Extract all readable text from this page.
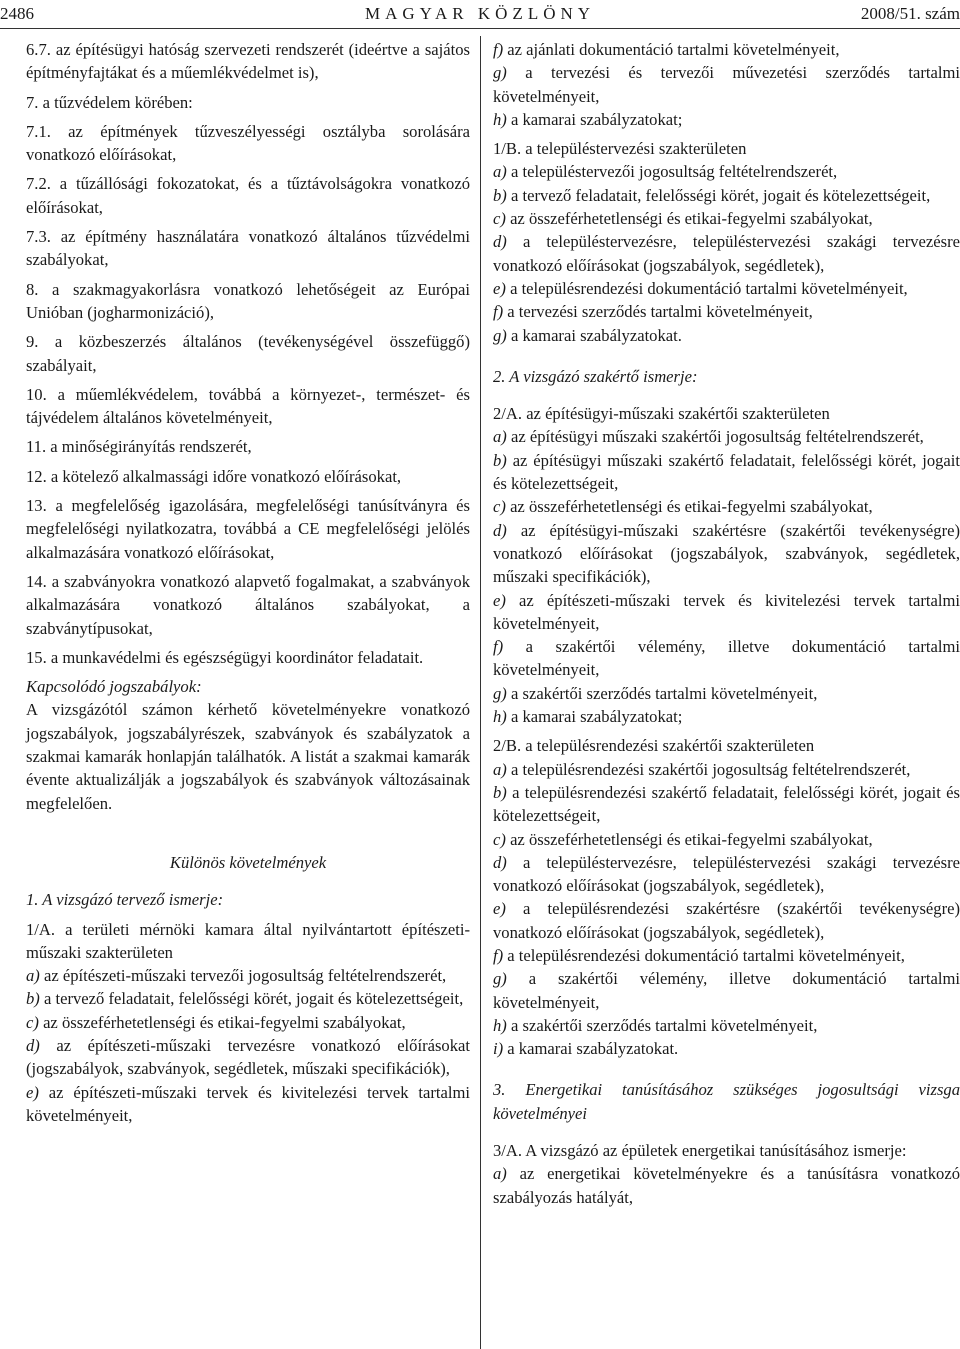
2486	MAGYAR KÖZLÖNY	2008/51. szám

6.7. az építésügyi hatóság szervezeti rendszerét (ideértve a sajátos építményfajtákat és a műemlékvédelmet is),

7. a tűzvédelem körében:

7.1. az építmények tűzveszélyességi osztályba sorolására vonatkozó előírásokat,

7.2. a tűzállósági fokozatokat, és a tűztávolságokra vonatkozó előírásokat,

7.3. az építmény használatára vonatkozó általános tűzvédelmi szabályokat,

8. a szakmagyakorlásra vonatkozó lehetőségeit az Európai Unióban (jogharmonizáció),

9. a közbeszerzés általános (tevékenységével összefüggő) szabályait,

10. a műemlékvédelem, továbbá a környezet-, természet- és tájvédelem általános követelményeit,

11. a minőségirányítás rendszerét,

12. a kötelező alkalmassági időre vonatkozó előírásokat,

13. a megfelelőség igazolására, megfelelőségi tanúsítványra és megfelelőségi nyilatkozatra, továbbá a CE megfelelőségi jelölés alkalmazására vonatkozó előírásokat,

14. a szabványokra vonatkozó alapvető fogalmakat, a szabványok alkalmazására vonatkozó általános szabályokat, a szabványtípusokat,

15. a munkavédelmi és egészségügyi koordinátor feladatait.

Kapcsolódó jogszabályok:

A vizsgázótól számon kérhető követelményekre vonatkozó jogszabályok, jogszabályrészek, szabványok és szabályzatok a szakmai kamarák honlapján találhatók. A listát a szakmai kamarák évente aktualizálják a jogszabályok és szabványok változásainak megfelelően.

Különös követelmények

1. A vizsgázó tervező ismerje:

1/A. a területi mérnöki kamara által nyilvántartott építészeti-műszaki szakterületen

a) az építészeti-műszaki tervezői jogosultság feltételrendszerét,

b) a tervező feladatait, felelősségi körét, jogait és kötelezettségeit,

c) az összeférhetetlenségi és etikai-fegyelmi szabályokat,

d) az építészeti-műszaki tervezésre vonatkozó előírásokat (jogszabályok, szabványok, segédletek, műszaki specifikációk),

e) az építészeti-műszaki tervek és kivitelezési tervek tartalmi követelményeit,

f) az ajánlati dokumentáció tartalmi követelményeit,

g) a tervezési és tervezői művezetési szerződés tartalmi követelményeit,

h) a kamarai szabályzatokat;

1/B. a településtervezési szakterületen

a) a településtervezői jogosultság feltételrendszerét,

b) a tervező feladatait, felelősségi körét, jogait és kötelezettségeit,

c) az összeférhetetlenségi és etikai-fegyelmi szabályokat,

d) a településtervezésre, településtervezési szakági tervezésre vonatkozó előírásokat (jogszabályok, segédletek),

e) a településrendezési dokumentáció tartalmi követelményeit,

f) a tervezési szerződés tartalmi követelményeit,

g) a kamarai szabályzatokat.

2. A vizsgázó szakértő ismerje:

2/A. az építésügyi-műszaki szakértői szakterületen

a) az építésügyi műszaki szakértői jogosultság feltételrendszerét,

b) az építésügyi műszaki szakértő feladatait, felelősségi körét, jogait és kötelezettségeit,

c) az összeférhetetlenségi és etikai-fegyelmi szabályokat,

d) az építésügyi-műszaki szakértésre (szakértői tevékenységre) vonatkozó előírásokat (jogszabályok, szabványok, segédletek, műszaki specifikációk),

e) az építészeti-műszaki tervek és kivitelezési tervek tartalmi követelményeit,

f) a szakértői vélemény, illetve dokumentáció tartalmi követelményeit,

g) a szakértői szerződés tartalmi követelményeit,

h) a kamarai szabályzatokat;

2/B. a településrendezési szakértői szakterületen

a) a településrendezési szakértői jogosultság feltételrendszerét,

b) a településrendezési szakértő feladatait, felelősségi körét, jogait és kötelezettségeit,

c) az összeférhetetlenségi és etikai-fegyelmi szabályokat,

d) a településtervezésre, településtervezési szakági tervezésre vonatkozó előírásokat (jogszabályok, segédletek),

e) a településrendezési szakértésre (szakértői tevékenységre) vonatkozó előírásokat (jogszabályok, segédletek),

f) a településrendezési dokumentáció tartalmi követelményeit,

g) a szakértői vélemény, illetve dokumentáció tartalmi követelményeit,

h) a szakértői szerződés tartalmi követelményeit,

i) a kamarai szabályzatokat.

3. Energetikai tanúsításához szükséges jogosultsági vizsga követelményei

3/A. A vizsgázó az épületek energetikai tanúsításához ismerje:

a) az energetikai követelményekre és a tanúsításra vonatkozó szabályozás hatályát,
